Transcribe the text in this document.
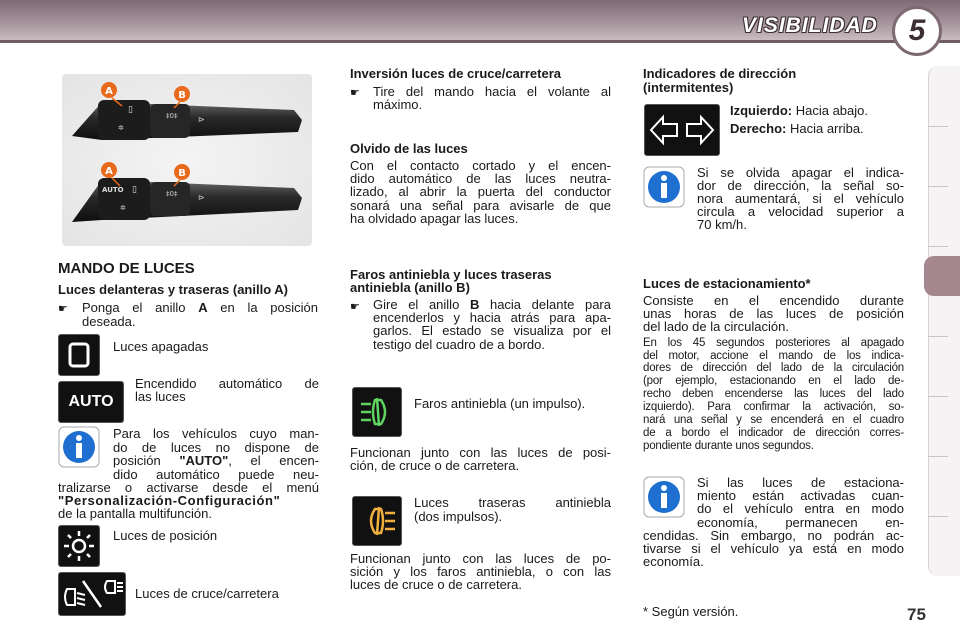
VISIBILIDAD	5
▯
✲
‡0‡	⊳
A	B
AUTO ▯
✲
‡0‡	⊳
A	B
MANDO DE LUCES
Luces delanteras y traseras (anillo A)
☛ Ponga el anillo A en la posición
deseada.
Luces apagadas
AUTO
Encendido automático de
las luces
Para los vehículos cuyo man-
do de luces no dispone de
posición "AUTO", el encen-
dido automático puede neu-
tralizarse o activarse desde el menú
"Personalización-Configuración"
de la pantalla multifunción.
Luces de posición
Luces de cruce/carretera
Inversión luces de cruce/carretera
☛ Tire del mando hacia el volante al
máximo.
Olvido de las luces
Con el contacto cortado y el encen-
dido automático de las luces neutra-
lizado, al abrir la puerta del conductor
sonará una señal para avisarle de que
ha olvidado apagar las luces.
Faros antiniebla y luces traseras
antiniebla (anillo B)
☛ Gire el anillo B hacia delante para
encenderlos y hacia atrás para apa-
garlos. El estado se visualiza por el
testigo del cuadro de a bordo.
Faros antiniebla (un impulso).
Funcionan junto con las luces de posi-
ción, de cruce o de carretera.
Luces traseras antiniebla
(dos impulsos).
Funcionan junto con las luces de po-
sición y los faros antiniebla, o con las
luces de cruce o de carretera.
Indicadores de dirección
(intermitentes)
Izquierdo: Hacia abajo.
Derecho: Hacia arriba.
Si se olvida apagar el indica-
dor de dirección, la señal so-
nora aumentará, si el vehículo
circula a velocidad superior a
70 km/h.
Luces de estacionamiento*
Consiste en el encendido durante
unas horas de las luces de posición
del lado de la circulación.
En los 45 segundos posteriores al apagado
del motor, accione el mando de los indica-
dores de dirección del lado de la circulación
(por ejemplo, estacionando en el lado de-
recho deben encenderse las luces del lado
izquierdo). Para confirmar la activación, so-
nará una señal y se encenderá en el cuadro
de a bordo el indicador de dirección corres-
pondiente durante unos segundos.
Si las luces de estaciona-
miento están activadas cuan-
do el vehículo entra en modo
economía, permanecen en-
cendidas. Sin embargo, no podrán ac-
tivarse si el vehículo ya está en modo
economía.
* Según versión.	75
